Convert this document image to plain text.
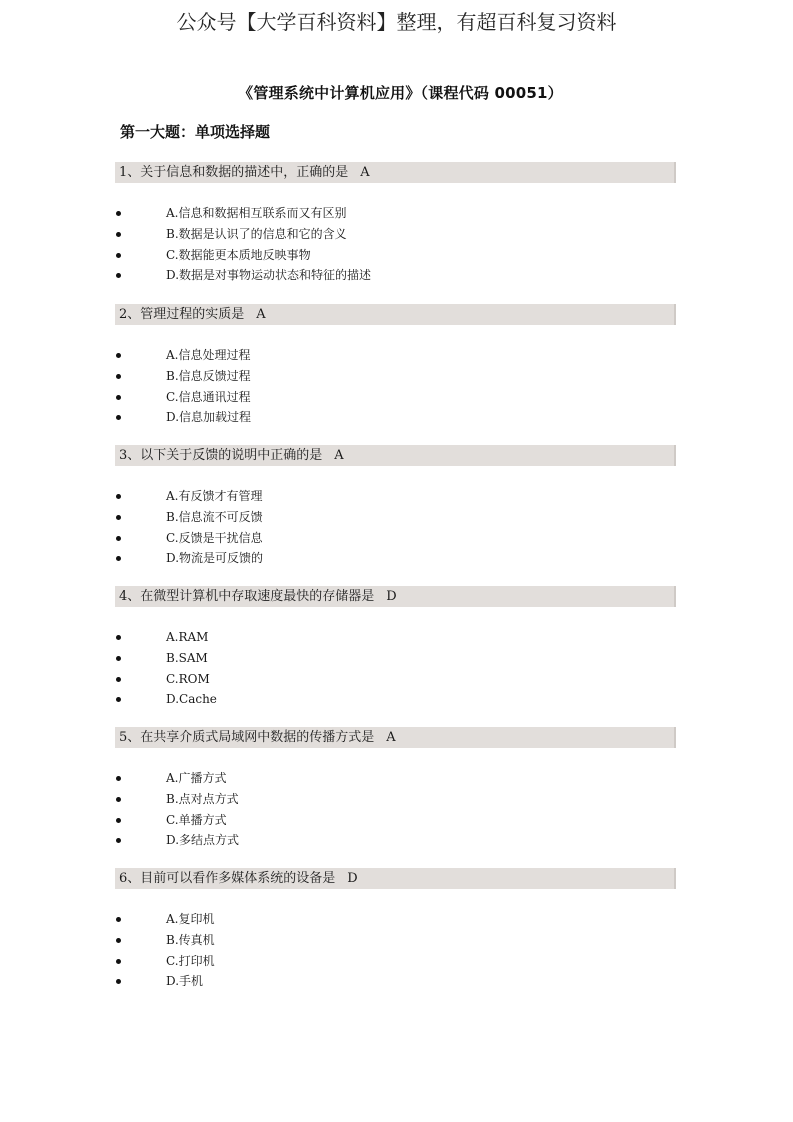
公众号【大学百科资料】整理，有超百科复习资料
《管理系统中计算机应用》（课程代码 00051）
第一大题：单项选择题
1、关于信息和数据的描述中，正确的是 A
A.信息和数据相互联系而又有区别
B.数据是认识了的信息和它的含义
C.数据能更本质地反映事物
D.数据是对事物运动状态和特征的描述
2、管理过程的实质是 A
A.信息处理过程
B.信息反馈过程
C.信息通讯过程
D.信息加载过程
3、以下关于反馈的说明中正确的是 A
A.有反馈才有管理
B.信息流不可反馈
C.反馈是干扰信息
D.物流是可反馈的
4、在微型计算机中存取速度最快的存储器是 D
A.RAM
B.SAM
C.ROM
D.Cache
5、在共享介质式局域网中数据的传播方式是 A
A.广播方式
B.点对点方式
C.单播方式
D.多结点方式
6、目前可以看作多媒体系统的设备是 D
A.复印机
B.传真机
C.打印机
D.手机
